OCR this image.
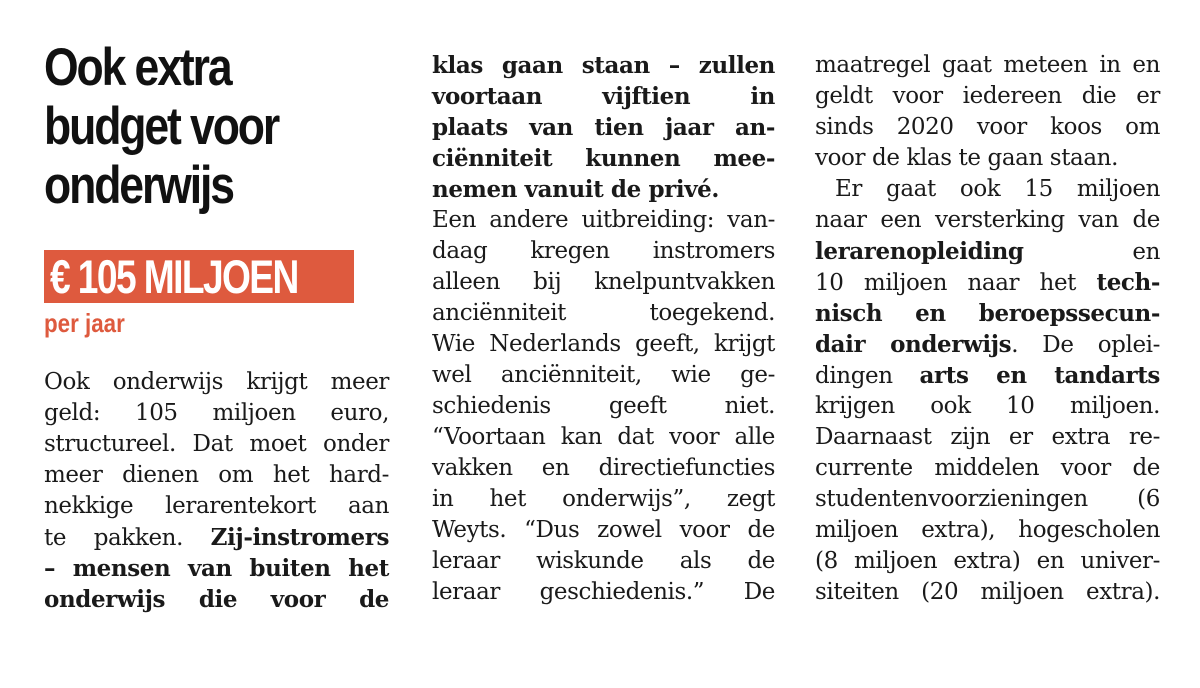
Ook extra
budget voor
onderwijs
€ 105 MILJOEN
per jaar
Ook onderwijs krijgt meer
geld: 105 miljoen euro,
structureel. Dat moet onder
meer dienen om het hard-
nekkige lerarentekort aan
te pakken. Zij-instromers
– mensen van buiten het
onderwijs die voor de
klas gaan staan – zullen
voortaan vijftien in
plaats van tien jaar an-
ciënniteit kunnen mee-
nemen vanuit de privé.
Een andere uitbreiding: van-
daag kregen instromers
alleen bij knelpuntvakken
anciënniteit toegekend.
Wie Nederlands geeft, krijgt
wel anciënniteit, wie ge-
schiedenis geeft niet.
“Voortaan kan dat voor alle
vakken en directiefuncties
in het onderwijs”, zegt
Weyts. “Dus zowel voor de
leraar wiskunde als de
leraar geschiedenis.” De
maatregel gaat meteen in en
geldt voor iedereen die er
sinds 2020 voor koos om
voor de klas te gaan staan.
Er gaat ook 15 miljoen
naar een versterking van de
lerarenopleiding en
10 miljoen naar het tech-
nisch en beroepssecun-
dair onderwijs. De oplei-
dingen arts en tandarts
krijgen ook 10 miljoen.
Daarnaast zijn er extra re-
currente middelen voor de
studentenvoorzieningen (6
miljoen extra), hogescholen
(8 miljoen extra) en univer-
siteiten (20 miljoen extra).
